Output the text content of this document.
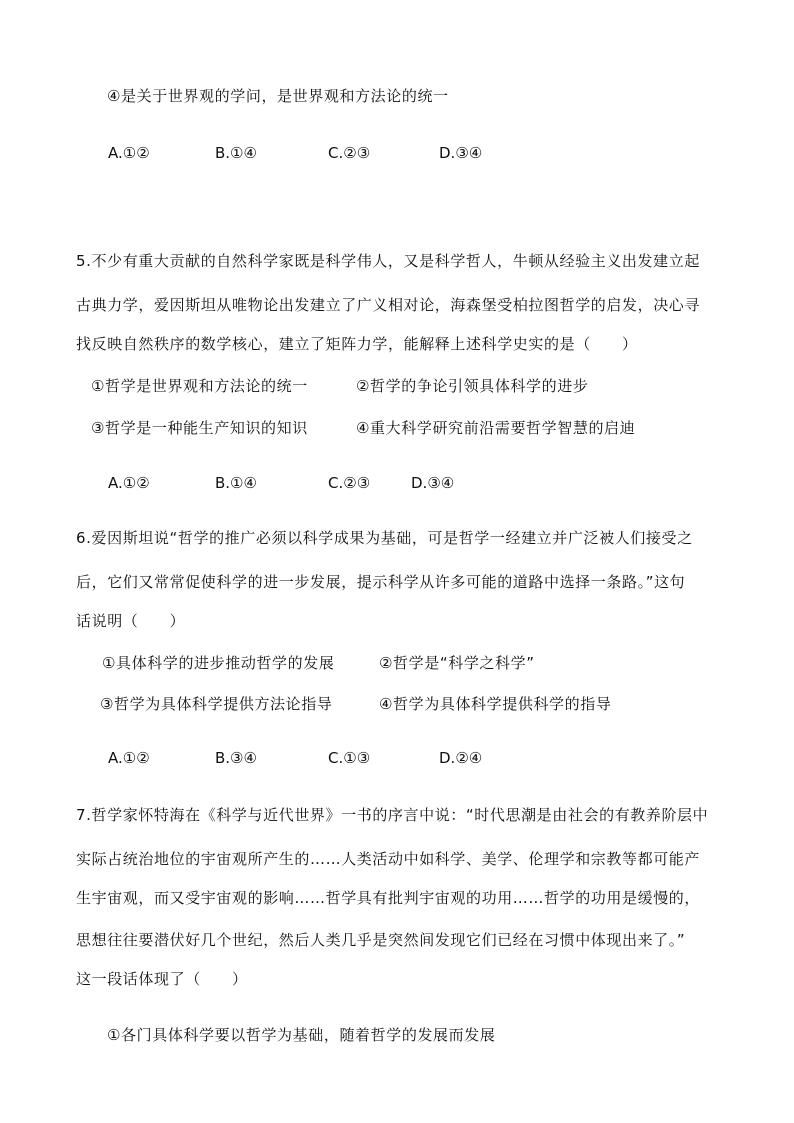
④是关于世界观的学问，是世界观和方法论的统一
A.①②	B.①④	C.②③	D.③④
5.不少有重大贡献的自然科学家既是科学伟人，又是科学哲人，牛顿从经验主义出发建立起
古典力学，爱因斯坦从唯物论出发建立了广义相对论，海森堡受柏拉图哲学的启发，决心寻
找反映自然秩序的数学核心，建立了矩阵力学，能解释上述科学史实的是（　　）
①哲学是世界观和方法论的统一	②哲学的争论引领具体科学的进步
③哲学是一种能生产知识的知识	④重大科学研究前沿需要哲学智慧的启迪
A.①②	B.①④	C.②③	D.③④
6.爱因斯坦说“哲学的推广必须以科学成果为基础，可是哲学一经建立并广泛被人们接受之
后，它们又常常促使科学的进一步发展，提示科学从许多可能的道路中选择一条路。”这句
话说明（　　）
①具体科学的进步推动哲学的发展	②哲学是“科学之科学”
③哲学为具体科学提供方法论指导	④哲学为具体科学提供科学的指导
A.①②	B.③④	C.①③	D.②④
7.哲学家怀特海在《科学与近代世界》一书的序言中说：“时代思潮是由社会的有教养阶层中
实际占统治地位的宇宙观所产生的……人类活动中如科学、美学、伦理学和宗教等都可能产
生宇宙观，而又受宇宙观的影响……哲学具有批判宇宙观的功用……哲学的功用是缓慢的，
思想往往要潜伏好几个世纪，然后人类几乎是突然间发现它们已经在习惯中体现出来了。”
这一段话体现了（　　）
①各门具体科学要以哲学为基础，随着哲学的发展而发展
